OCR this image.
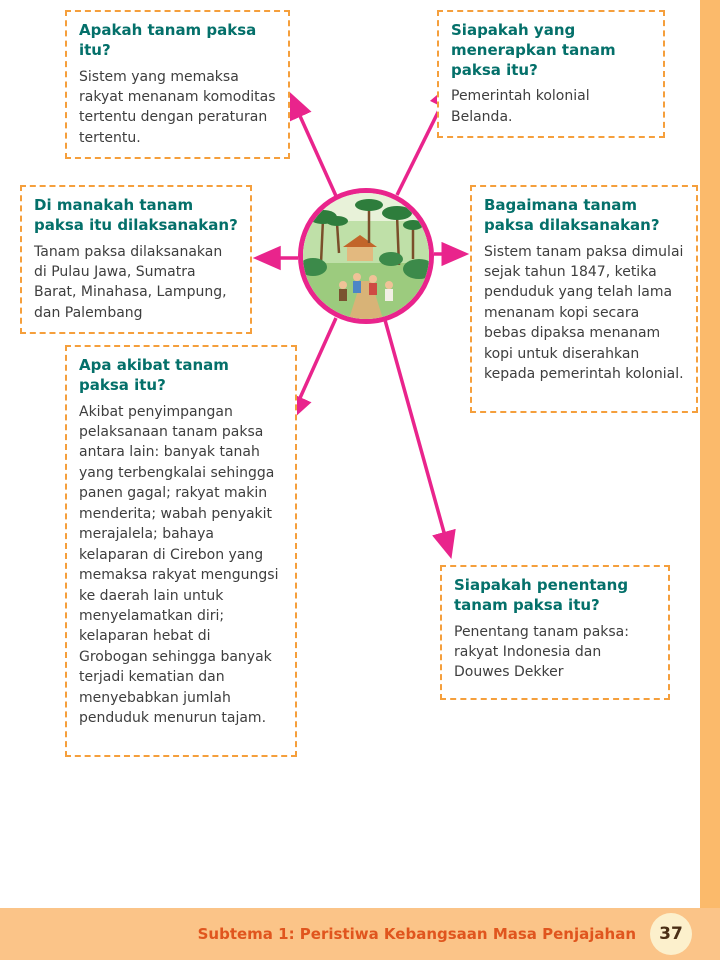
Apakah tanam paksa itu?

Sistem yang memaksa rakyat menanam komoditas tertentu dengan peraturan tertentu.

Siapakah yang menerapkan tanam paksa itu?

Pemerintah kolonial Belanda.

Di manakah tanam paksa itu dilaksanakan?

Tanam paksa dilaksanakan di Pulau Jawa, Sumatra Barat, Minahasa, Lampung, dan Palembang

Bagaimana tanam paksa dilaksanakan?

Sistem tanam paksa dimulai sejak tahun 1847, ketika penduduk yang telah lama menanam kopi secara bebas dipaksa menanam kopi untuk diserahkan kepada pemerintah kolonial.

Apa akibat tanam paksa itu?

Akibat penyimpangan pelaksanaan tanam paksa antara lain: banyak tanah yang terbengkalai sehingga panen gagal; rakyat makin menderita; wabah penyakit merajalela; bahaya kelaparan di Cirebon yang memaksa rakyat mengungsi ke daerah lain untuk menyelamatkan diri; kelaparan hebat di Grobogan sehingga banyak terjadi kematian dan menyebabkan jumlah penduduk menurun tajam.

Siapakah penentang tanam paksa itu?

Penentang tanam paksa: rakyat Indonesia dan Douwes Dekker

Subtema 1: Peristiwa Kebangsaan Masa Penjajahan	37
